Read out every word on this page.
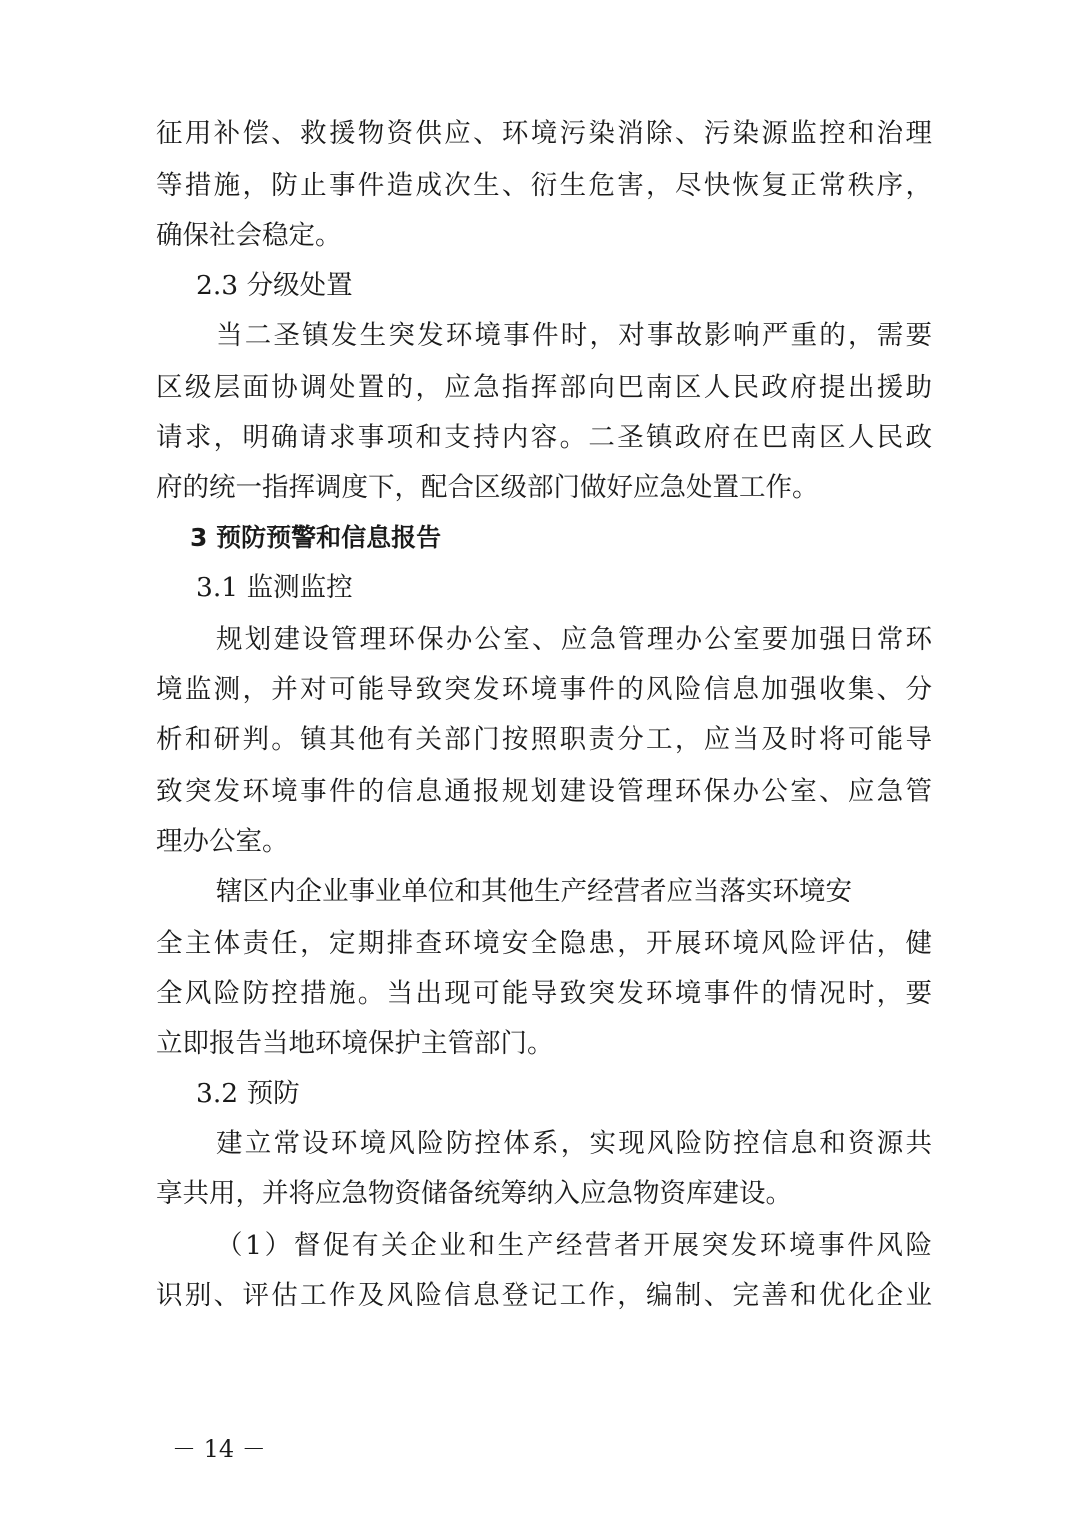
征用补偿、救援物资供应、环境污染消除、污染源监控和治理
等措施，防止事件造成次生、衍生危害，尽快恢复正常秩序，
确保社会稳定。
2.3 分级处置
当二圣镇发生突发环境事件时，对事故影响严重的，需要
区级层面协调处置的，应急指挥部向巴南区人民政府提出援助
请求，明确请求事项和支持内容。二圣镇政府在巴南区人民政
府的统一指挥调度下，配合区级部门做好应急处置工作。
3 预防预警和信息报告
3.1 监测监控
规划建设管理环保办公室、应急管理办公室要加强日常环
境监测，并对可能导致突发环境事件的风险信息加强收集、分
析和研判。镇其他有关部门按照职责分工，应当及时将可能导
致突发环境事件的信息通报规划建设管理环保办公室、应急管
理办公室。
辖区内企业事业单位和其他生产经营者应当落实环境安
全主体责任，定期排查环境安全隐患，开展环境风险评估，健
全风险防控措施。当出现可能导致突发环境事件的情况时，要
立即报告当地环境保护主管部门。
3.2 预防
建立常设环境风险防控体系，实现风险防控信息和资源共
享共用，并将应急物资储备统筹纳入应急物资库建设。
（1）督促有关企业和生产经营者开展突发环境事件风险
识别、评估工作及风险信息登记工作，编制、完善和优化企业
－ 14 －
